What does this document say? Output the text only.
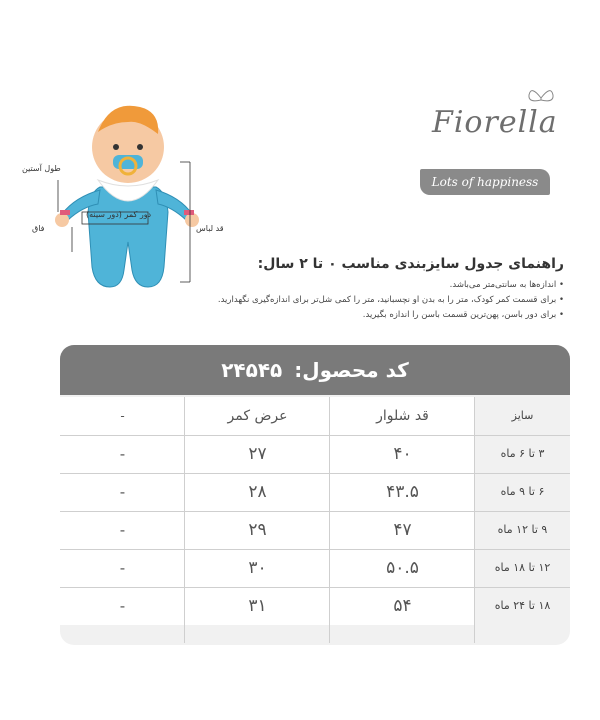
طول آستین
دور کمر (دور سینه)
فاق	قد لباس
Fiorella
Lots of happiness
راهنمای جدول سایزبندی مناسب ۰ تا ۲ سال:
• اندازه‌ها به سانتی‌متر می‌باشد.
• برای قسمت کمر کودک، متر را به بدن او نچسبانید، متر را کمی شل‌تر برای اندازه‌گیری نگهدارید.
• برای دور باسن، پهن‌ترین قسمت باسن را اندازه بگیرید.
کد محصول:
۲۴۵۴۵
سایز
قد شلوار
عرض کمر
-
۳ تا ۶ ماه
۴۰
۲۷
-
۶ تا ۹ ماه
۴۳.۵
۲۸
-
۹ تا ۱۲ ماه
۴۷
۲۹
-
۱۲ تا ۱۸ ماه
۵۰.۵
۳۰
-
۱۸ تا ۲۴ ماه
۵۴
۳۱
-
